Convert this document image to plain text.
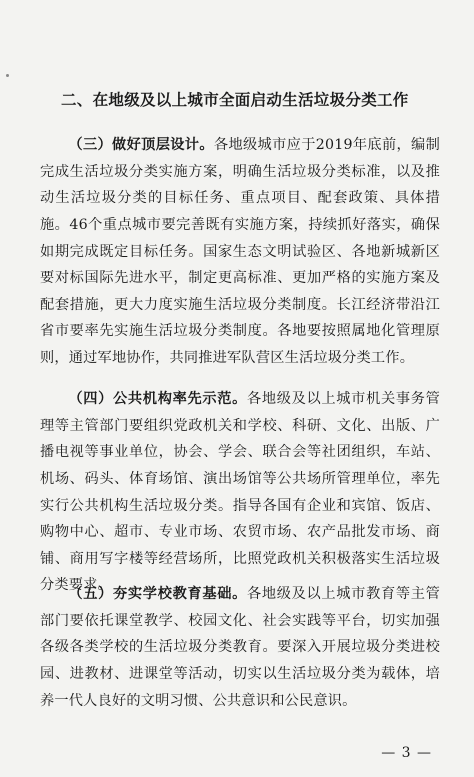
二、在地级及以上城市全面启动生活垃圾分类工作

（三）做好顶层设计。各地级城市应于2019年底前，编制完成生活垃圾分类实施方案，明确生活垃圾分类标准，以及推动生活垃圾分类的目标任务、重点项目、配套政策、具体措施。46个重点城市要完善既有实施方案，持续抓好落实，确保如期完成既定目标任务。国家生态文明试验区、各地新城新区要对标国际先进水平，制定更高标准、更加严格的实施方案及配套措施，更大力度实施生活垃圾分类制度。长江经济带沿江省市要率先实施生活垃圾分类制度。各地要按照属地化管理原则，通过军地协作，共同推进军队营区生活垃圾分类工作。

（四）公共机构率先示范。各地级及以上城市机关事务管理等主管部门要组织党政机关和学校、科研、文化、出版、广播电视等事业单位，协会、学会、联合会等社团组织，车站、机场、码头、体育场馆、演出场馆等公共场所管理单位，率先实行公共机构生活垃圾分类。指导各国有企业和宾馆、饭店、购物中心、超市、专业市场、农贸市场、农产品批发市场、商铺、商用写字楼等经营场所，比照党政机关积极落实生活垃圾分类要求。

（五）夯实学校教育基础。各地级及以上城市教育等主管部门要依托课堂教学、校园文化、社会实践等平台，切实加强各级各类学校的生活垃圾分类教育。要深入开展垃圾分类进校园、进教材、进课堂等活动，切实以生活垃圾分类为载体，培养一代人良好的文明习惯、公共意识和公民意识。

— 3 —
